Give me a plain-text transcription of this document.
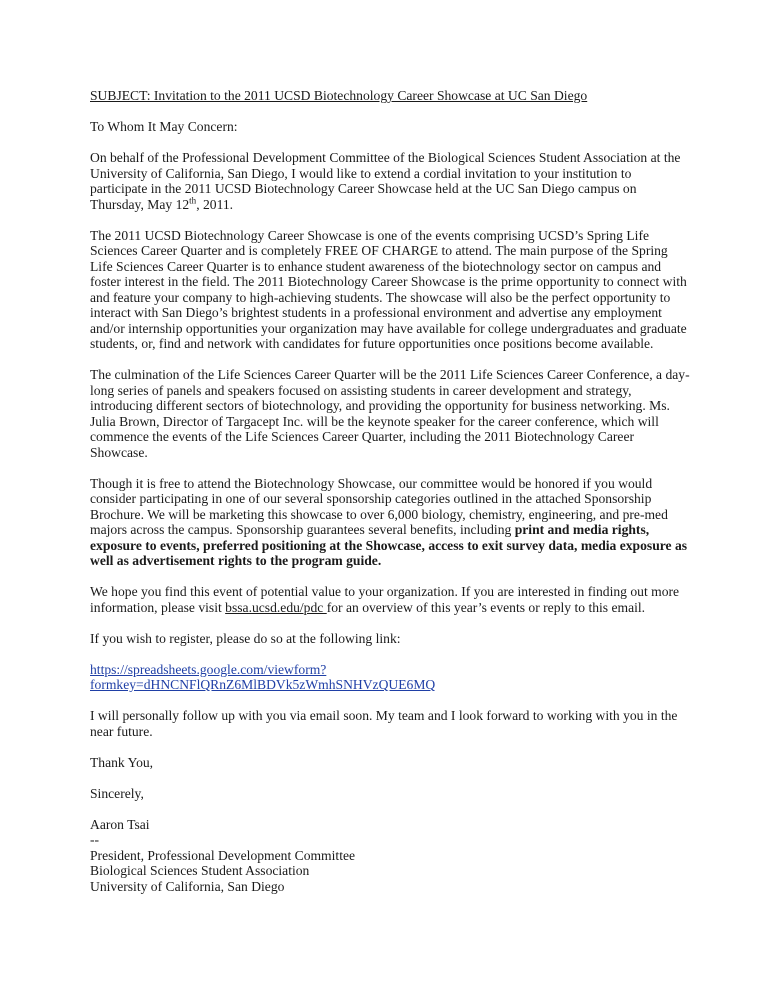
SUBJECT: Invitation to the 2011 UCSD Biotechnology Career Showcase at UC San Diego

To Whom It May Concern:

On behalf of the Professional Development Committee of the Biological Sciences Student Association at the University of California, San Diego, I would like to extend a cordial invitation to your institution to participate in the 2011 UCSD Biotechnology Career Showcase held at the UC San Diego campus on Thursday, May 12th, 2011.

The 2011 UCSD Biotechnology Career Showcase is one of the events comprising UCSD’s Spring Life Sciences Career Quarter and is completely FREE OF CHARGE to attend. The main purpose of the Spring Life Sciences Career Quarter is to enhance student awareness of the biotechnology sector on campus and foster interest in the field. The 2011 Biotechnology Career Showcase is the prime opportunity to connect with and feature your company to high-achieving students. The showcase will also be the perfect opportunity to interact with San Diego’s brightest students in a professional environment and advertise any employment and/or internship opportunities your organization may have available for college undergraduates and graduate students, or, find and network with candidates for future opportunities once positions become available.

The culmination of the Life Sciences Career Quarter will be the 2011 Life Sciences Career Conference, a day-long series of panels and speakers focused on assisting students in career development and strategy, introducing different sectors of biotechnology, and providing the opportunity for business networking. Ms. Julia Brown, Director of Targacept Inc. will be the keynote speaker for the career conference, which will commence the events of the Life Sciences Career Quarter, including the 2011 Biotechnology Career Showcase.

Though it is free to attend the Biotechnology Showcase, our committee would be honored if you would consider participating in one of our several sponsorship categories outlined in the attached Sponsorship Brochure. We will be marketing this showcase to over 6,000 biology, chemistry, engineering, and pre-med majors across the campus. Sponsorship guarantees several benefits, including print and media rights, exposure to events, preferred positioning at the Showcase, access to exit survey data, media exposure as well as advertisement rights to the program guide.

We hope you find this event of potential value to your organization. If you are interested in finding out more information, please visit bssa.ucsd.edu/pdc for an overview of this year’s events or reply to this email.

If you wish to register, please do so at the following link:

https://spreadsheets.google.com/viewform?
formkey=dHNCNFlQRnZ6MlBDVk5zWmhSNHVzQUE6MQ

I will personally follow up with you via email soon. My team and I look forward to working with you in the near future.

Thank You,

Sincerely,

Aaron Tsai
--
President, Professional Development Committee
Biological Sciences Student Association
University of California, San Diego
